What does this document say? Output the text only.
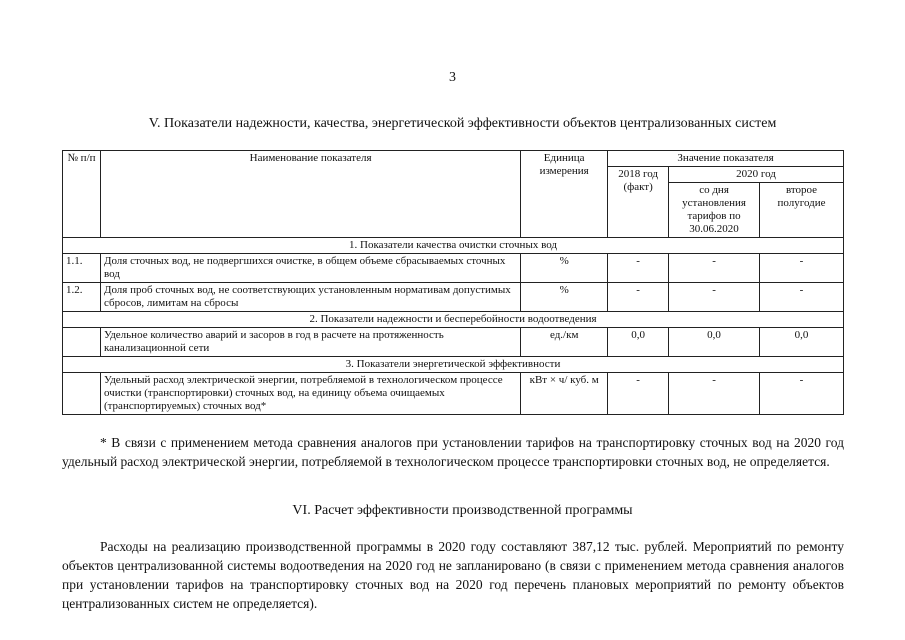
3
V. Показатели надежности, качества, энергетической эффективности объектов централизованных систем
№ п/п	Наименование показателя	Единица измерения	Значение показателя		
			2018 год (факт)	2020 год	
				со дня установления тарифов по 30.06.2020	второе полугодие
1. Показатели качества очистки сточных вод					
1.1.	Доля сточных вод, не подвергшихся очистке, в общем объеме сбрасываемых сточных вод	%	-	-	-
1.2.	Доля проб сточных вод, не соответствующих установленным нормативам допустимых сбросов, лимитам на сбросы	%	-	-	-
2. Показатели надежности и бесперебойности водоотведения					
	Удельное количество аварий и засоров в год в расчете на протяженность канализационной сети	ед./км	0,0	0,0	0,0
3. Показатели энергетической эффективности					
	Удельный расход электрической энергии, потребляемой в технологическом процессе очистки (транспортировки) сточных вод, на единицу объема очищаемых (транспортируемых) сточных вод*	кВт × ч/ куб. м	-	-	-
* В связи с применением метода сравнения аналогов при установлении тарифов на транспортировку сточных вод на 2020 год удельный расход электрической энергии, потребляемой в технологическом процессе транспортировки сточных вод, не определяется.
VI. Расчет эффективности производственной программы
Расходы на реализацию производственной программы в 2020 году составляют 387,12 тыс. рублей. Мероприятий по ремонту объектов централизованной системы водоотведения на 2020 год не запланировано (в связи с применением метода сравнения аналогов при установлении тарифов на транспортировку сточных вод на 2020 год перечень плановых мероприятий по ремонту объектов централизованных систем не определяется).
